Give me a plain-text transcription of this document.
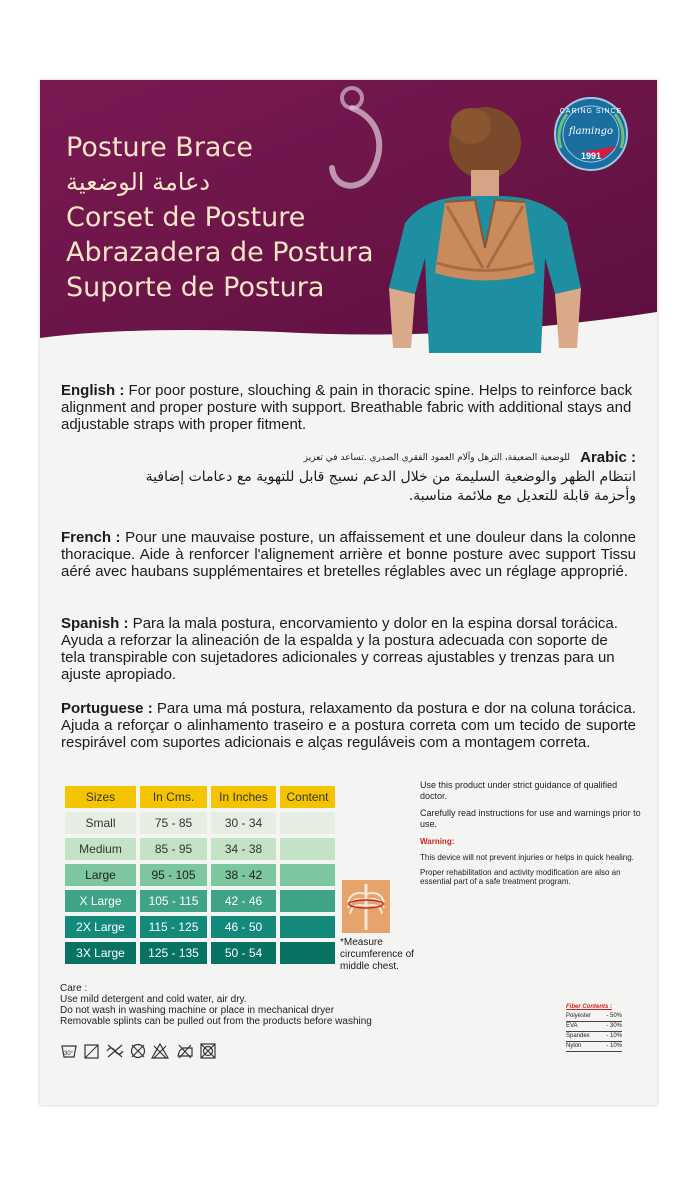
CARING SINCE
flamingo
1991
Posture Brace
دعامة الوضعية
Corset de Posture
Abrazadera de Postura
Suporte de Postura
English : For poor posture, slouching & pain in thoracic spine. Helps to reinforce back alignment and proper posture with support. Breathable fabric with additional stays and adjustable straps with proper fitment.
Arabic :
للوضعية الضعيفة، الترهل وآلام العمود الفقري الصدري .تساعد في تعزيز
انتظام الظهر والوضعية السليمة من خلال الدعم نسيج قابل للتهوية مع دعامات إضافية
وأحزمة قابلة للتعديل مع ملائمة مناسبة.
French : Pour une mauvaise posture, un affaissement et une douleur dans la colonne thoracique. Aide à renforcer l'alignement arrière et bonne posture avec support Tissu aéré avec haubans supplémentaires et bretelles réglables avec un réglage approprié.
Spanish : Para la mala postura, encorvamiento y dolor en la espina dorsal torácica. Ayuda a reforzar la alineación de la espalda y la postura adecuada con soporte de tela transpirable con sujetadores adicionales y correas ajustables y trenzas para un ajuste apropiado.
Portuguese : Para uma má postura, relaxamento da postura e dor na coluna torácica. Ajuda a reforçar o alinhamento traseiro e a postura correta com um tecido de suporte respirável com suportes adicionais e alças reguláveis com a montagem correta.
Sizes	In Cms.	In Inches	Content
Small	75 - 85	30 - 34	
Medium	85 - 95	34 - 38	
Large	95 - 105	38 - 42	
X Large	105 - 115	42 - 46	
2X Large	115 - 125	46 - 50	
3X Large	125 - 135	50 - 54	
*Measure circumference of middle chest.

Use this product under strict guidance of qualified doctor.

Carefully read instructions for use and warnings prior to use.

Warning:

This device will not prevent injuries or helps in quick healing.

Proper rehabilitation and activity modification are also an essential part of a safe treatment program.

Care :
Use mild detergent and cold water, air dry.
Do not wash in washing machine or place in mechanical dryer
Removable splints can be pulled out from the products before washing
30°
Fiber Contents :
Polyester	- 50%
EVA	- 30%
Spandex	- 10%
Nylon	- 10%
